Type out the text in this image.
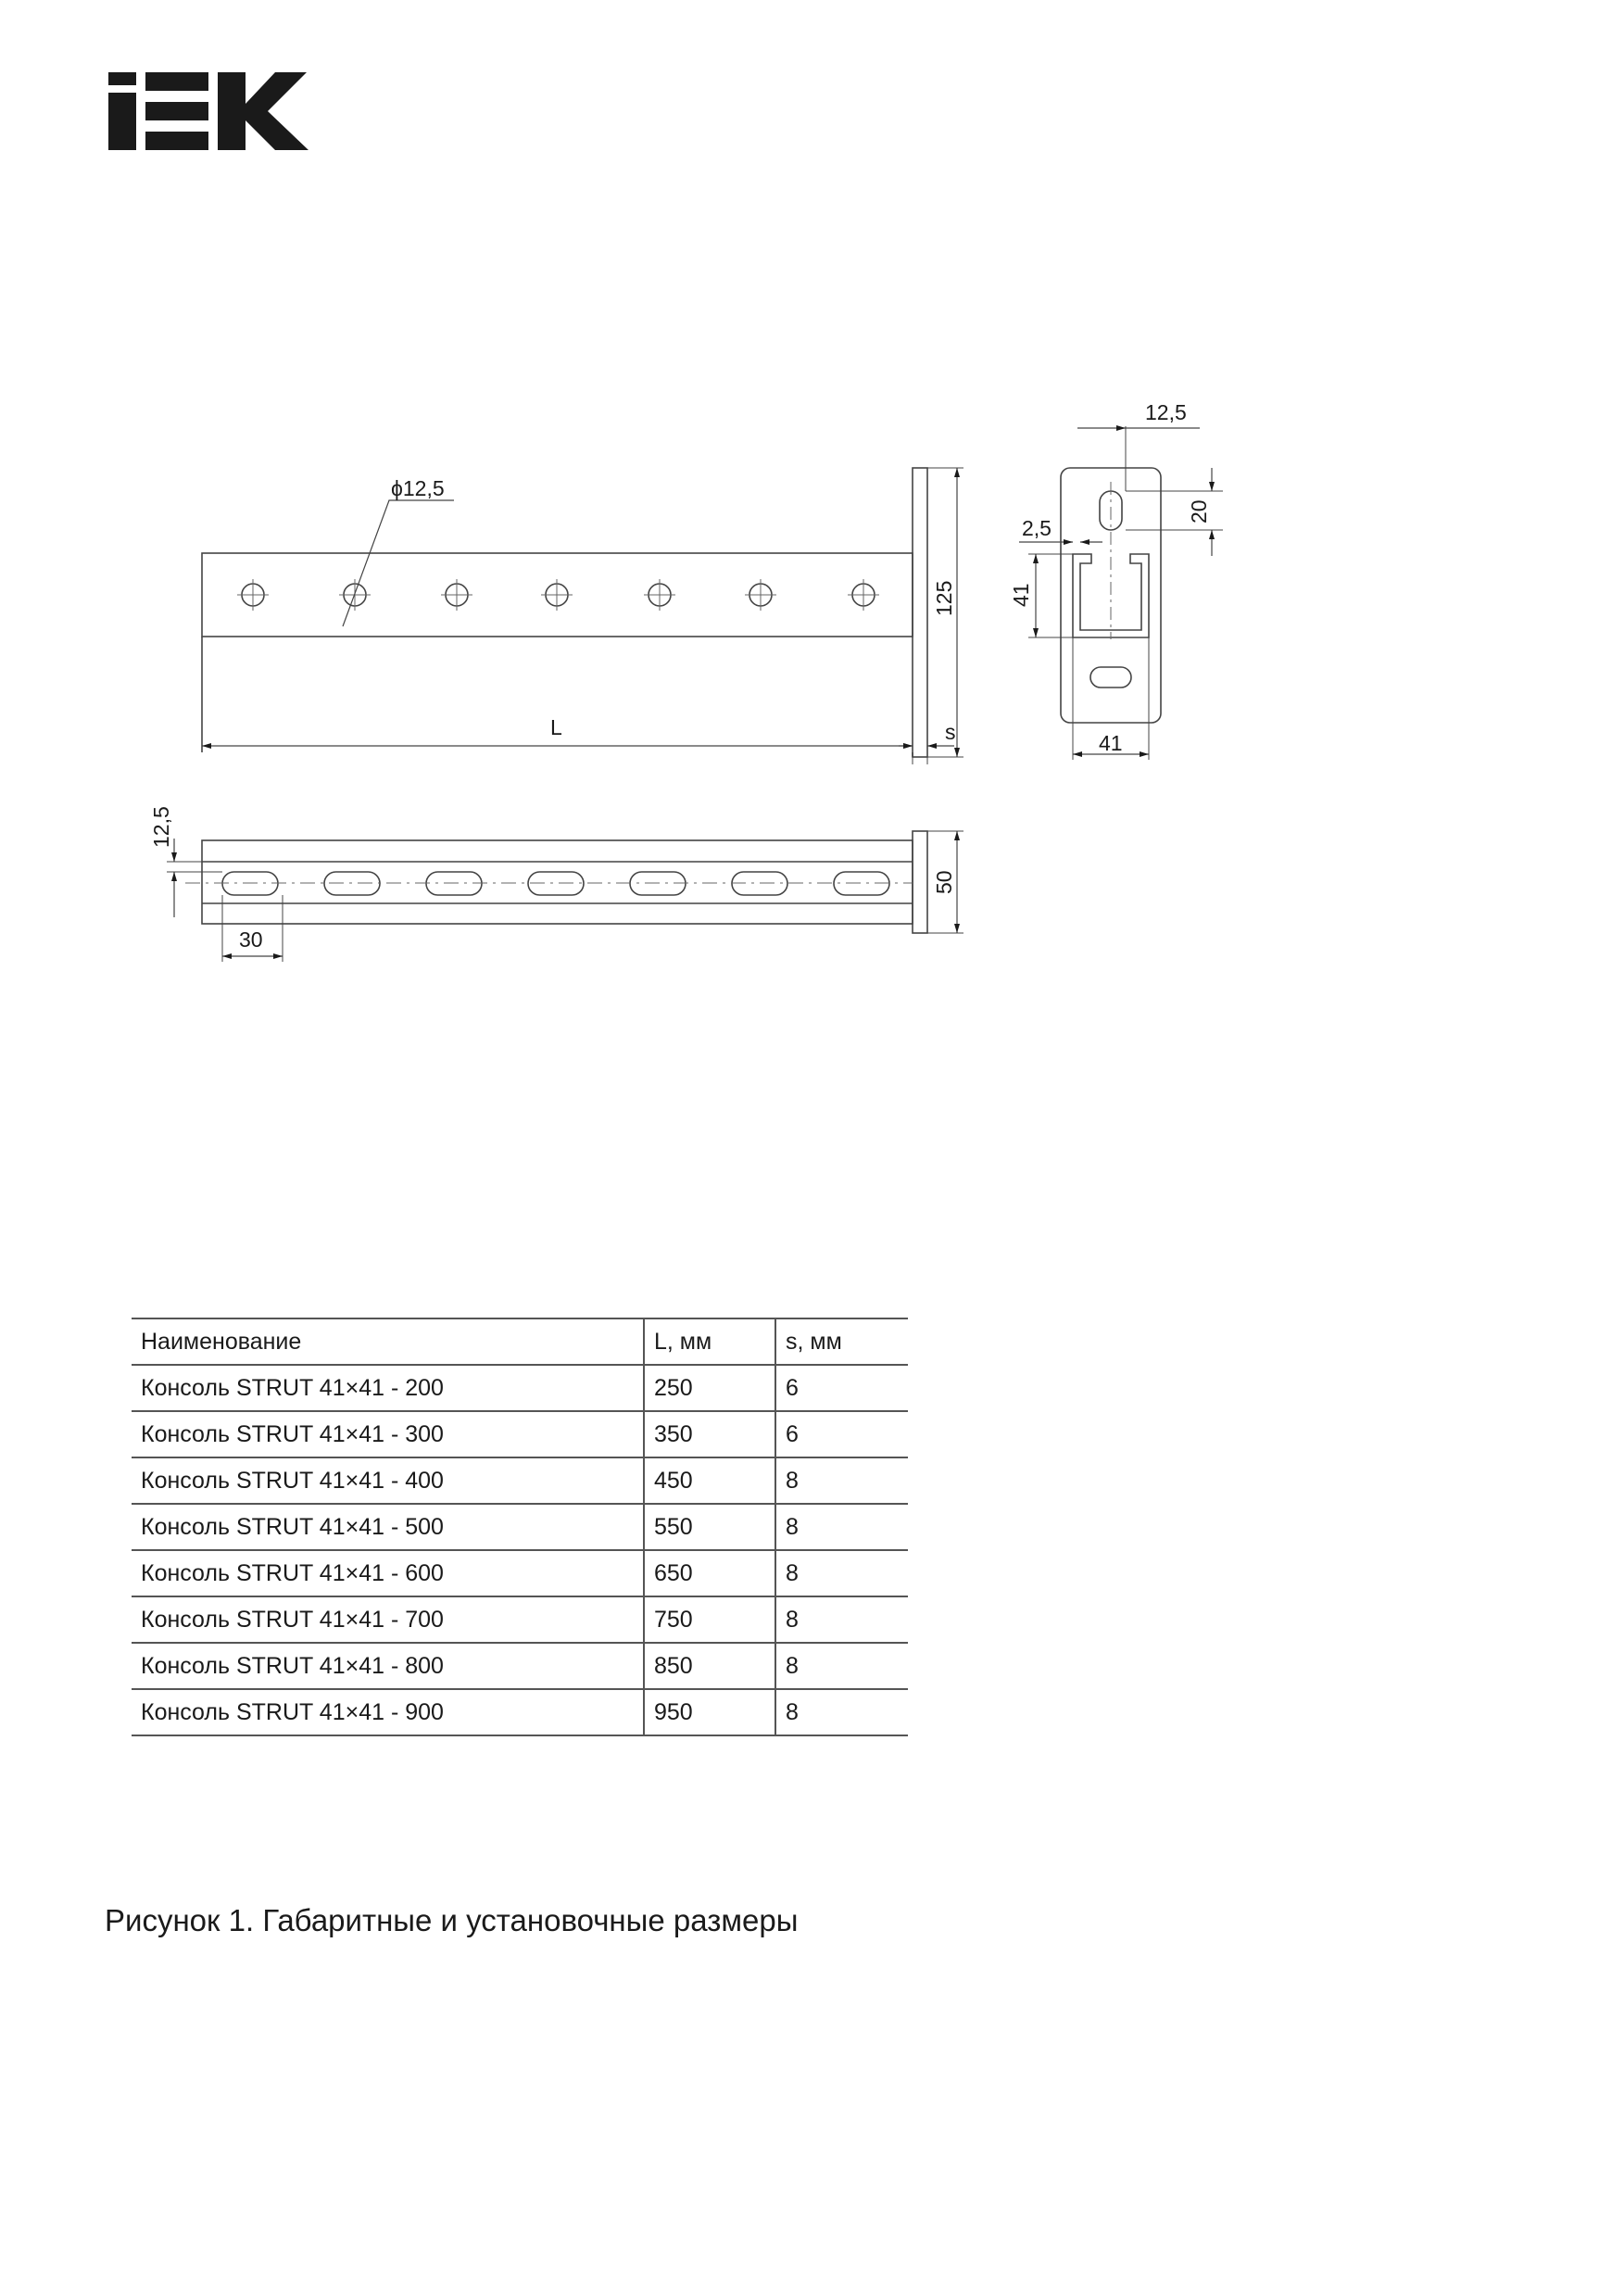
ϕ12,5
L	s
125
12,5
20
2,5
41
41
12,5
30
50
Наименование	L, мм	s, мм
Консоль STRUT 41×41 - 200	250	6
Консоль STRUT 41×41 - 300	350	6
Консоль STRUT 41×41 - 400	450	8
Консоль STRUT 41×41 - 500	550	8
Консоль STRUT 41×41 - 600	650	8
Консоль STRUT 41×41 - 700	750	8
Консоль STRUT 41×41 - 800	850	8
Консоль STRUT 41×41 - 900	950	8
Рисунок 1. Габаритные и установочные размеры
